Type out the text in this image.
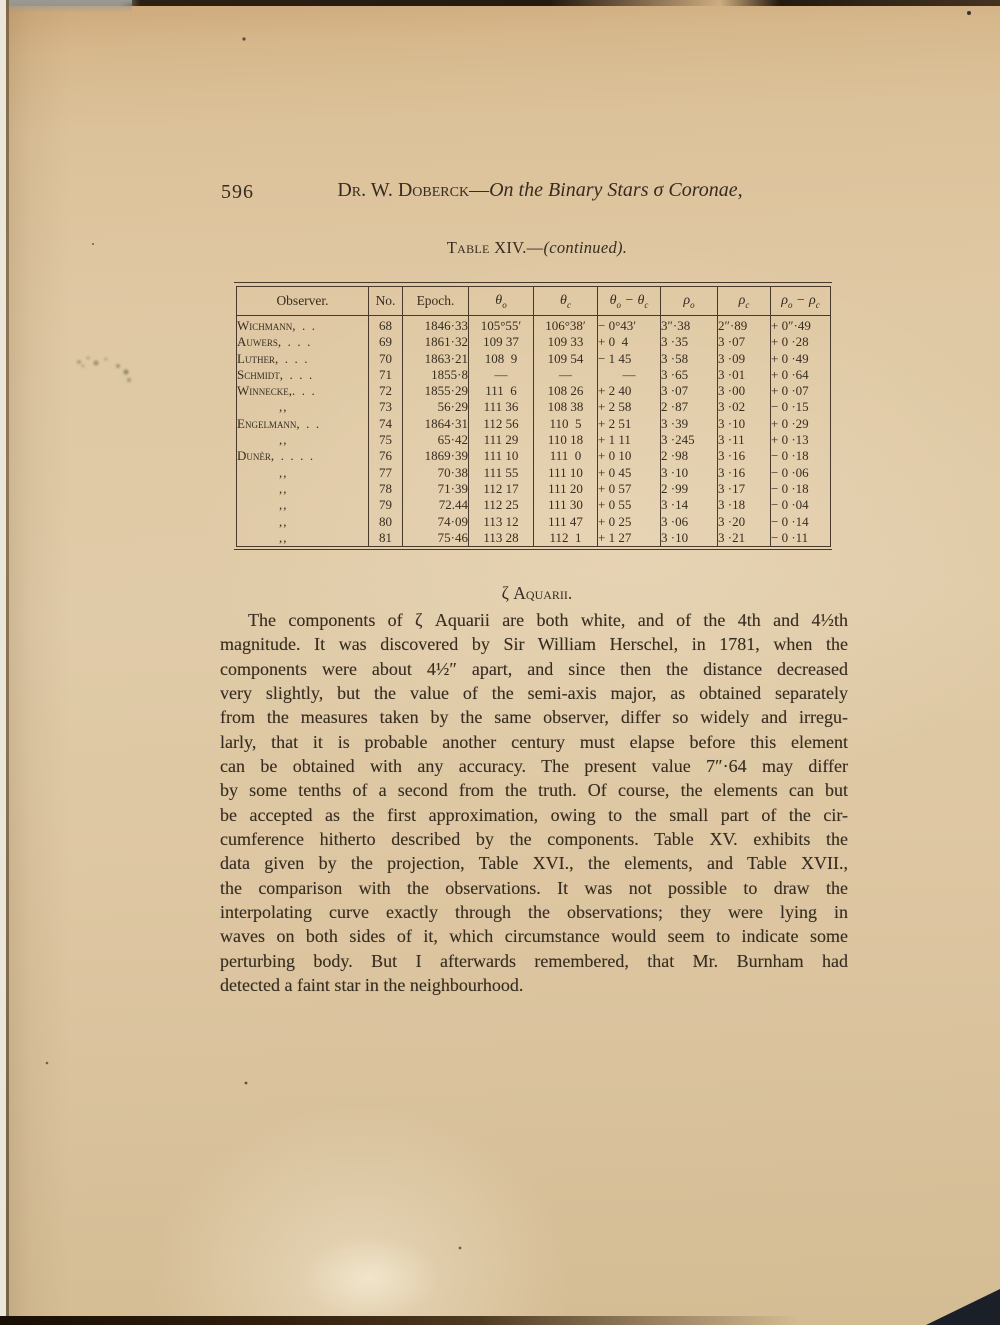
596	Dr. W. Doberck—On the Binary Stars σ Coronae,
Table XIV.—(continued).
Observer.	No.	Epoch.	$\theta_o$	$\theta_c$	$\theta_o - \theta_c$	$\rho_o$	$\rho_c$	$\rho_o - \rho_c$
Wichmann,  .  .	68	1846·33	105°55′	106°38′	− 0°43′	3″·38	2″·89	+ 0″·49
Auwers,  .  .  .	69	1861·32	109 37	109 33	+ 0  4	3 ·35	3 ·07	+ 0 ·28
Luther,  .  .  .	70	1863·21	108  9	109 54	− 1 45	3 ·58	3 ·09	+ 0 ·49
Schmidt,  .  .  .	71	1855·8	—	—	—	3 ·65	3 ·01	+ 0 ·64
Winnecke,.  .  .	72	1855·29	111  6	108 26	+ 2 40	3 ·07	3 ·00	+ 0 ·07
,,	73	56·29	111 36	108 38	+ 2 58	2 ·87	3 ·02	− 0 ·15
Engelmann,  .  .	74	1864·31	112 56	110  5	+ 2 51	3 ·39	3 ·10	+ 0 ·29
,,	75	65·42	111 29	110 18	+ 1 11	3 ·245	3 ·11	+ 0 ·13
Dunèr,  .  .  .  .	76	1869·39	111 10	111  0	+ 0 10	2 ·98	3 ·16	− 0 ·18
,,	77	70·38	111 55	111 10	+ 0 45	3 ·10	3 ·16	− 0 ·06
,,	78	71·39	112 17	111 20	+ 0 57	2 ·99	3 ·17	− 0 ·18
,,	79	72.44	112 25	111 30	+ 0 55	3 ·14	3 ·18	− 0 ·04
,,	80	74·09	113 12	111 47	+ 0 25	3 ·06	3 ·20	− 0 ·14
,,	81	75·46	113 28	112  1	+ 1 27	3 ·10	3 ·21	− 0 ·11
ζ Aquarii.
The components of ζ Aquarii are both white, and of the 4th and 4½th
magnitude. It was discovered by Sir William Herschel, in 1781, when the
components were about 4½″ apart, and since then the distance decreased
very slightly, but the value of the semi-axis major, as obtained separately
from the measures taken by the same observer, differ so widely and irregu-
larly, that it is probable another century must elapse before this element
can be obtained with any accuracy. The present value 7″·64 may differ
by some tenths of a second from the truth. Of course, the elements can but
be accepted as the first approximation, owing to the small part of the cir-
cumference hitherto described by the components. Table XV. exhibits the
data given by the projection, Table XVI., the elements, and Table XVII.,
the comparison with the observations. It was not possible to draw the
interpolating curve exactly through the observations; they were lying in
waves on both sides of it, which circumstance would seem to indicate some
perturbing body. But I afterwards remembered, that Mr. Burnham had
detected a faint star in the neighbourhood.
